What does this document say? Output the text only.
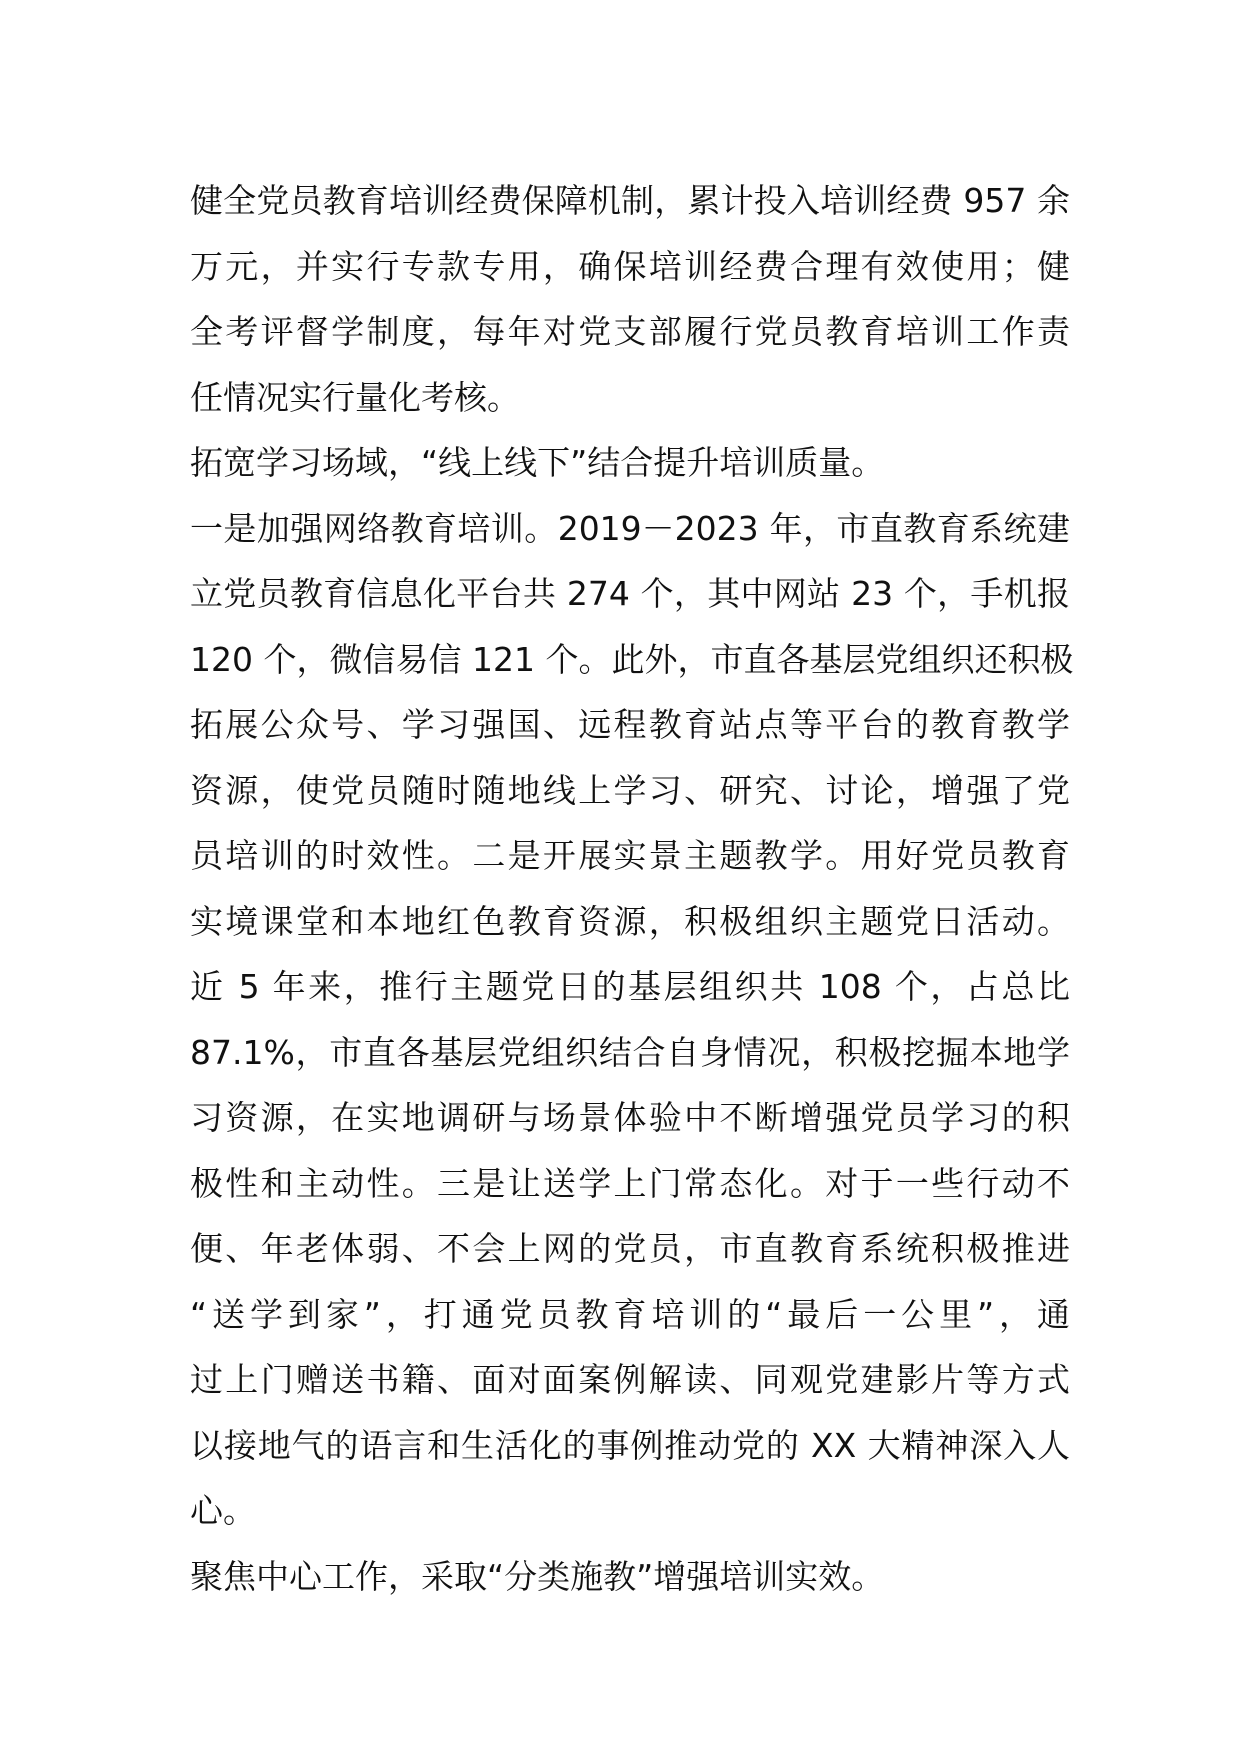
健全党员教育培训经费保障机制，累计投入培训经费 957 余
万元，并实行专款专用，确保培训经费合理有效使用；健
全考评督学制度，每年对党支部履行党员教育培训工作责
任情况实行量化考核。
拓宽学习场域，“线上线下”结合提升培训质量。
一是加强网络教育培训。2019－2023 年，市直教育系统建
立党员教育信息化平台共 274 个，其中网站 23 个，手机报
120 个，微信易信 121 个。此外，市直各基层党组织还积极
拓展公众号、学习强国、远程教育站点等平台的教育教学
资源，使党员随时随地线上学习、研究、讨论，增强了党
员培训的时效性。二是开展实景主题教学。用好党员教育
实境课堂和本地红色教育资源，积极组织主题党日活动。
近 5 年来，推行主题党日的基层组织共 108 个，占总比
87.1%，市直各基层党组织结合自身情况，积极挖掘本地学
习资源，在实地调研与场景体验中不断增强党员学习的积
极性和主动性。三是让送学上门常态化。对于一些行动不
便、年老体弱、不会上网的党员，市直教育系统积极推进
“送学到家”，打通党员教育培训的“最后一公里”，通
过上门赠送书籍、面对面案例解读、同观党建影片等方式
以接地气的语言和生活化的事例推动党的 XX 大精神深入人
心。
聚焦中心工作，采取“分类施教”增强培训实效。
